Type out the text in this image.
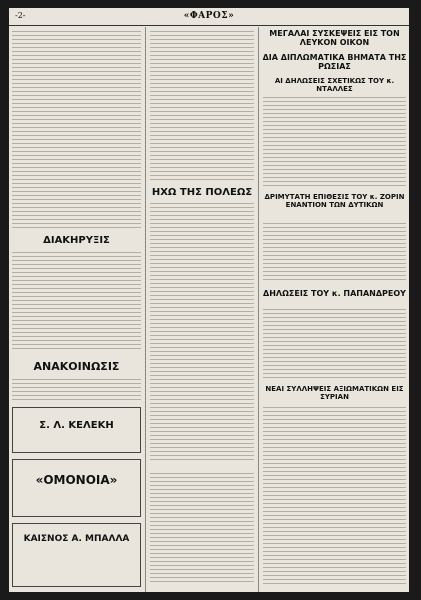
-2-	«ΦΑΡΟΣ»
ΔΙΑΚΗΡΥΞΙΣ
ΑΝΑΚΟΙΝΩΣΙΣ
Σ. Λ. ΚΕΛΕΚΗ
«ΟΜΟΝΟΙΑ»
ΚΑΙΣΝΟΣ Α. ΜΠΑΛΛΑ
ΗΧΩ ΤΗΣ ΠΟΛΕΩΣ
ΜΕΓΑΛΑΙ ΣΥΣΚΕΨΕΙΣ ΕΙΣ ΤΟΝ ΛΕΥΚΟΝ ΟΙΚΟΝ
ΔΙΑ ΔΙΠΛΩΜΑΤΙΚΑ ΒΗΜΑΤΑ ΤΗΣ ΡΩΣΙΑΣ
ΑΙ ΔΗΛΩΣΕΙΣ ΣΧΕΤΙΚΩΣ ΤΟΥ κ. ΝΤΑΛΛΕΣ
ΔΡΙΜΥΤΑΤΗ ΕΠΙΘΕΣΙΣ ΤΟΥ κ. ΖΟΡΙΝ ΕΝΑΝΤΙΟΝ ΤΩΝ ΔΥΤΙΚΩΝ
ΔΗΛΩΣΕΙΣ ΤΟΥ κ. ΠΑΠΑΝΔΡΕΟΥ
ΝΕΑΙ ΣΥΛΛΗΨΕΙΣ ΑΞΙΩΜΑΤΙΚΩΝ ΕΙΣ ΣΥΡΙΑΝ
